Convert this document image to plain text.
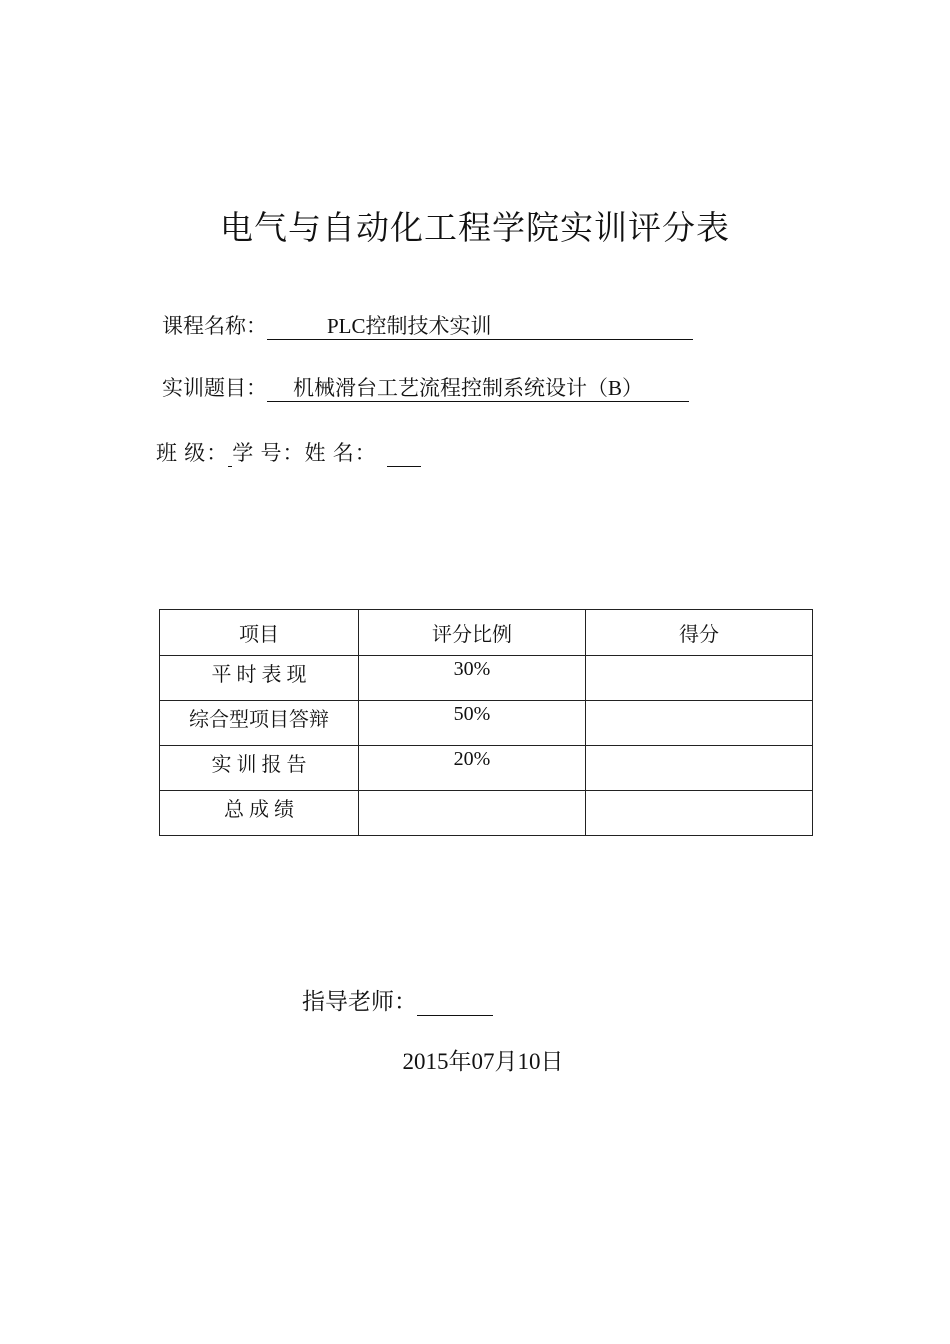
电气与自动化工程学院实训评分表
课程名称：	PLC控制技术实训
实训题目： 机械滑台工艺流程控制系统设计（B）
班 级： 学 号：姓 名：
项目	评分比例	得分

平 时 表 现	30%	

综合型项目答辩	50%	

实 训 报 告	20%	

总 成 绩		

指导老师：
2015年07月10日
